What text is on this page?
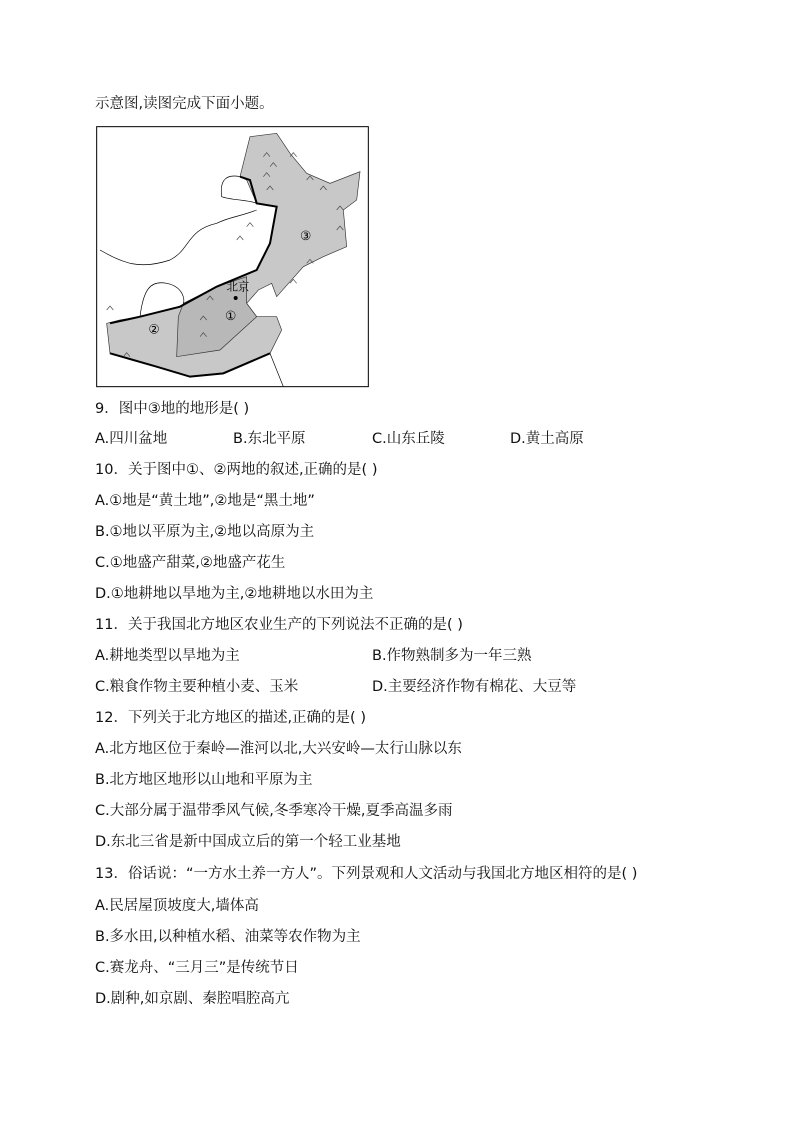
示意图,读图完成下面小题。
北京
①
②
③
9．图中③地的地形是( )
A.四川盆地	B.东北平原	C.山东丘陵	D.黄土高原
10．关于图中①、②两地的叙述,正确的是( )
A.①地是“黄土地”,②地是“黑土地”
B.①地以平原为主,②地以高原为主
C.①地盛产甜菜,②地盛产花生
D.①地耕地以旱地为主,②地耕地以水田为主
11．关于我国北方地区农业生产的下列说法不正确的是( )
A.耕地类型以旱地为主	B.作物熟制多为一年三熟
C.粮食作物主要种植小麦、玉米	D.主要经济作物有棉花、大豆等
12．下列关于北方地区的描述,正确的是( )
A.北方地区位于秦岭—淮河以北,大兴安岭—太行山脉以东
B.北方地区地形以山地和平原为主
C.大部分属于温带季风气候,冬季寒冷干燥,夏季高温多雨
D.东北三省是新中国成立后的第一个轻工业基地
13．俗话说：“一方水土养一方人”。下列景观和人文活动与我国北方地区相符的是( )
A.民居屋顶坡度大,墙体高
B.多水田,以种植水稻、油菜等农作物为主
C.赛龙舟、“三月三”是传统节日
D.剧种,如京剧、秦腔唱腔高亢
